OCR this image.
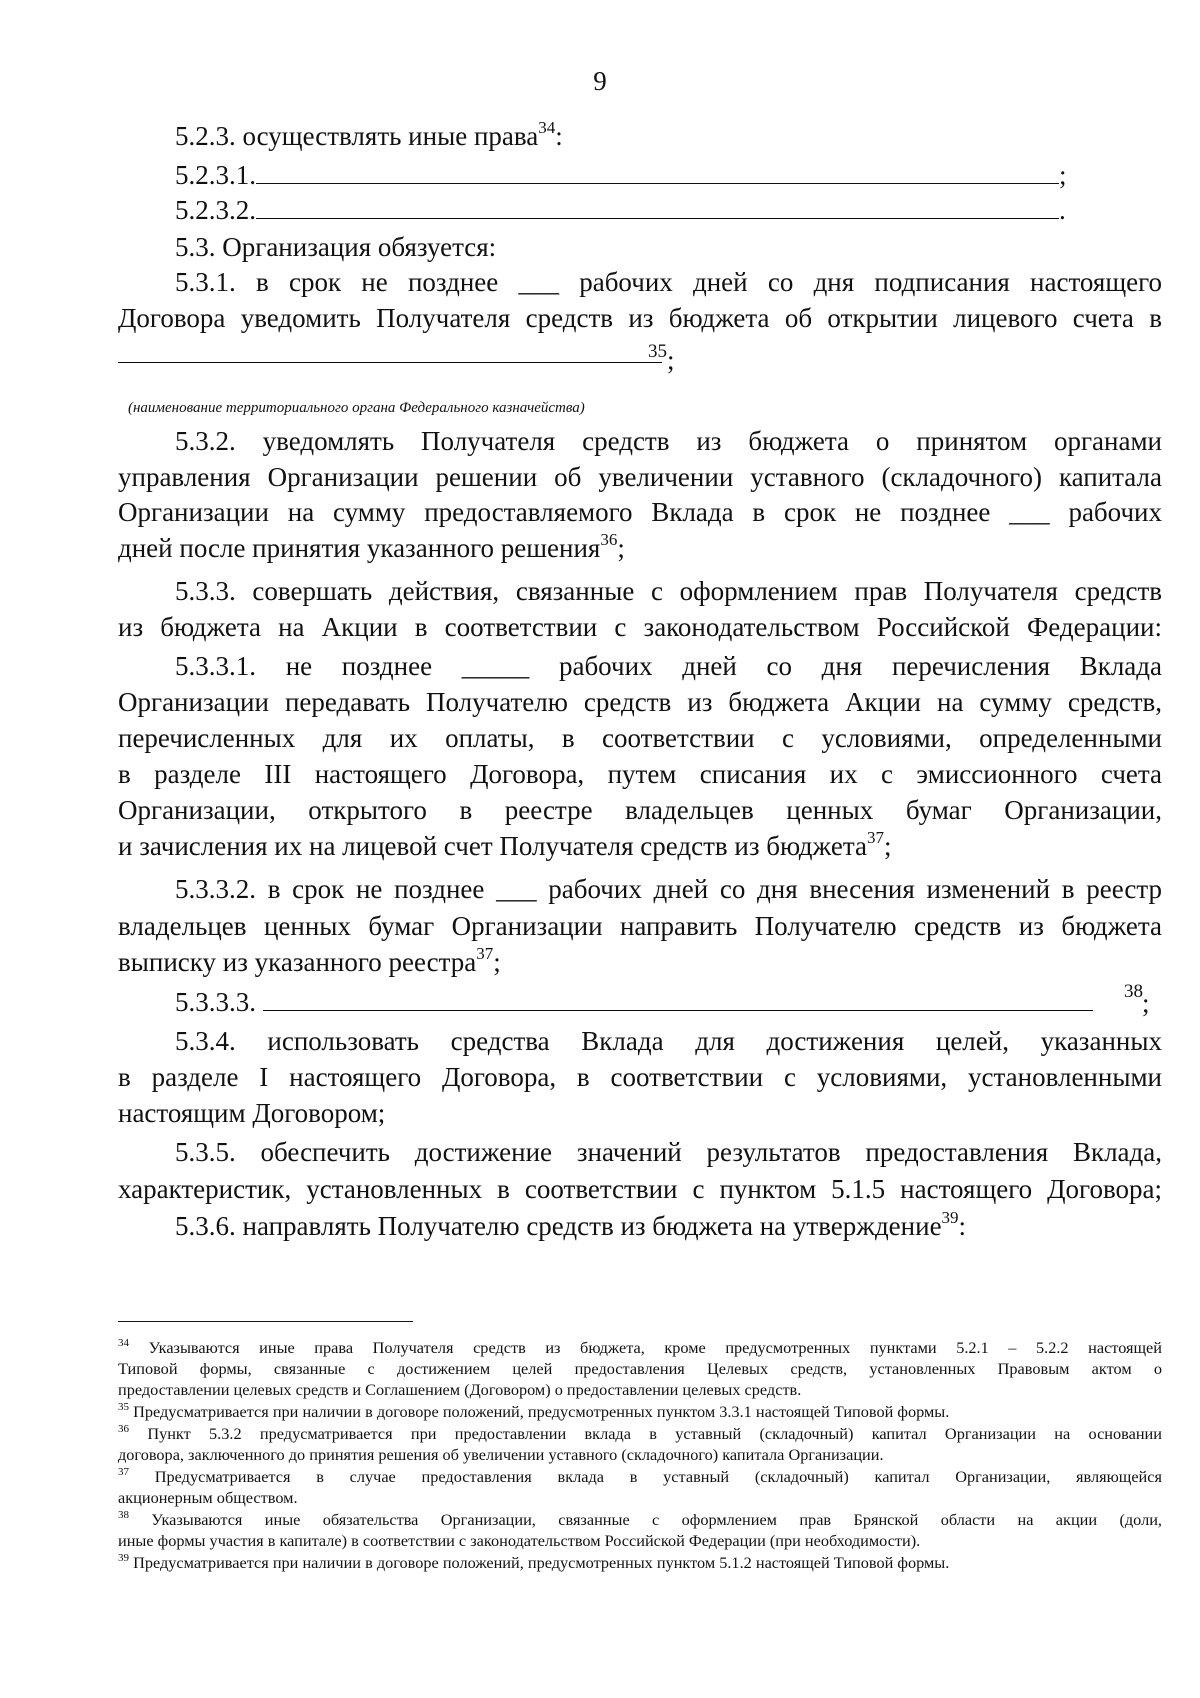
9
5.2.3. осуществлять иные права$^{34}$:
5.2.3.1.	;
5.2.3.2.	.
5.3. Организация обязуется:
5.3.1. в срок не позднее ___ рабочих дней со дня подписания настоящего
Договора уведомить Получателя средств из бюджета об открытии лицевого счета в
35 ;
(наименование территориального органа Федерального казначейства)
5.3.2. уведомлять Получателя средств из бюджета о принятом органами
управления Организации решении об увеличении уставного (складочного) капитала
Организации на сумму предоставляемого Вклада в срок не позднее ___ рабочих
дней после принятия указанного решения$^{36}$;
5.3.3. совершать действия, связанные с оформлением прав Получателя средств
из бюджета на Акции в соответствии с законодательством Российской Федерации:
5.3.3.1. не позднее _____ рабочих дней со дня перечисления Вклада
Организации передавать Получателю средств из бюджета Акции на сумму средств,
перечисленных для их оплаты, в соответствии с условиями, определенными
в разделе III настоящего Договора, путем списания их с эмиссионного счета
Организации, открытого в реестре владельцев ценных бумаг Организации,
и зачисления их на лицевой счет Получателя средств из бюджета$^{37}$;
5.3.3.2. в срок не позднее ___ рабочих дней со дня внесения изменений в реестр
владельцев ценных бумаг Организации направить Получателю средств из бюджета
выписку из указанного реестра$^{37}$;
5.3.3.3.	38 ;
5.3.4. использовать средства Вклада для достижения целей, указанных
в разделе I настоящего Договора, в соответствии с условиями, установленными
настоящим Договором;
5.3.5. обеспечить достижение значений результатов предоставления Вклада,
характеристик, установленных в соответствии с пунктом 5.1.5 настоящего Договора;
5.3.6. направлять Получателю средств из бюджета на утверждение$^{39}$:
$^{34}$ Указываются иные права Получателя средств из бюджета, кроме предусмотренных пунктами 5.2.1 – 5.2.2 настоящей
Типовой формы, связанные с достижением целей предоставления Целевых средств, установленных Правовым актом о
предоставлении целевых средств и Соглашением (Договором) о предоставлении целевых средств.
$^{35}$ Предусматривается при наличии в договоре положений, предусмотренных пунктом 3.3.1 настоящей Типовой формы.
$^{36}$ Пункт 5.3.2 предусматривается при предоставлении вклада в уставный (складочный) капитал Организации на основании
договора, заключенного до принятия решения об увеличении уставного (складочного) капитала Организации.
$^{37}$ Предусматривается в случае предоставления вклада в уставный (складочный) капитал Организации, являющейся
акционерным обществом.
$^{38}$ Указываются иные обязательства Организации, связанные с оформлением прав Брянской области на акции (доли,
иные формы участия в капитале) в соответствии с законодательством Российской Федерации (при необходимости).
$^{39}$ Предусматривается при наличии в договоре положений, предусмотренных пунктом 5.1.2 настоящей Типовой формы.
